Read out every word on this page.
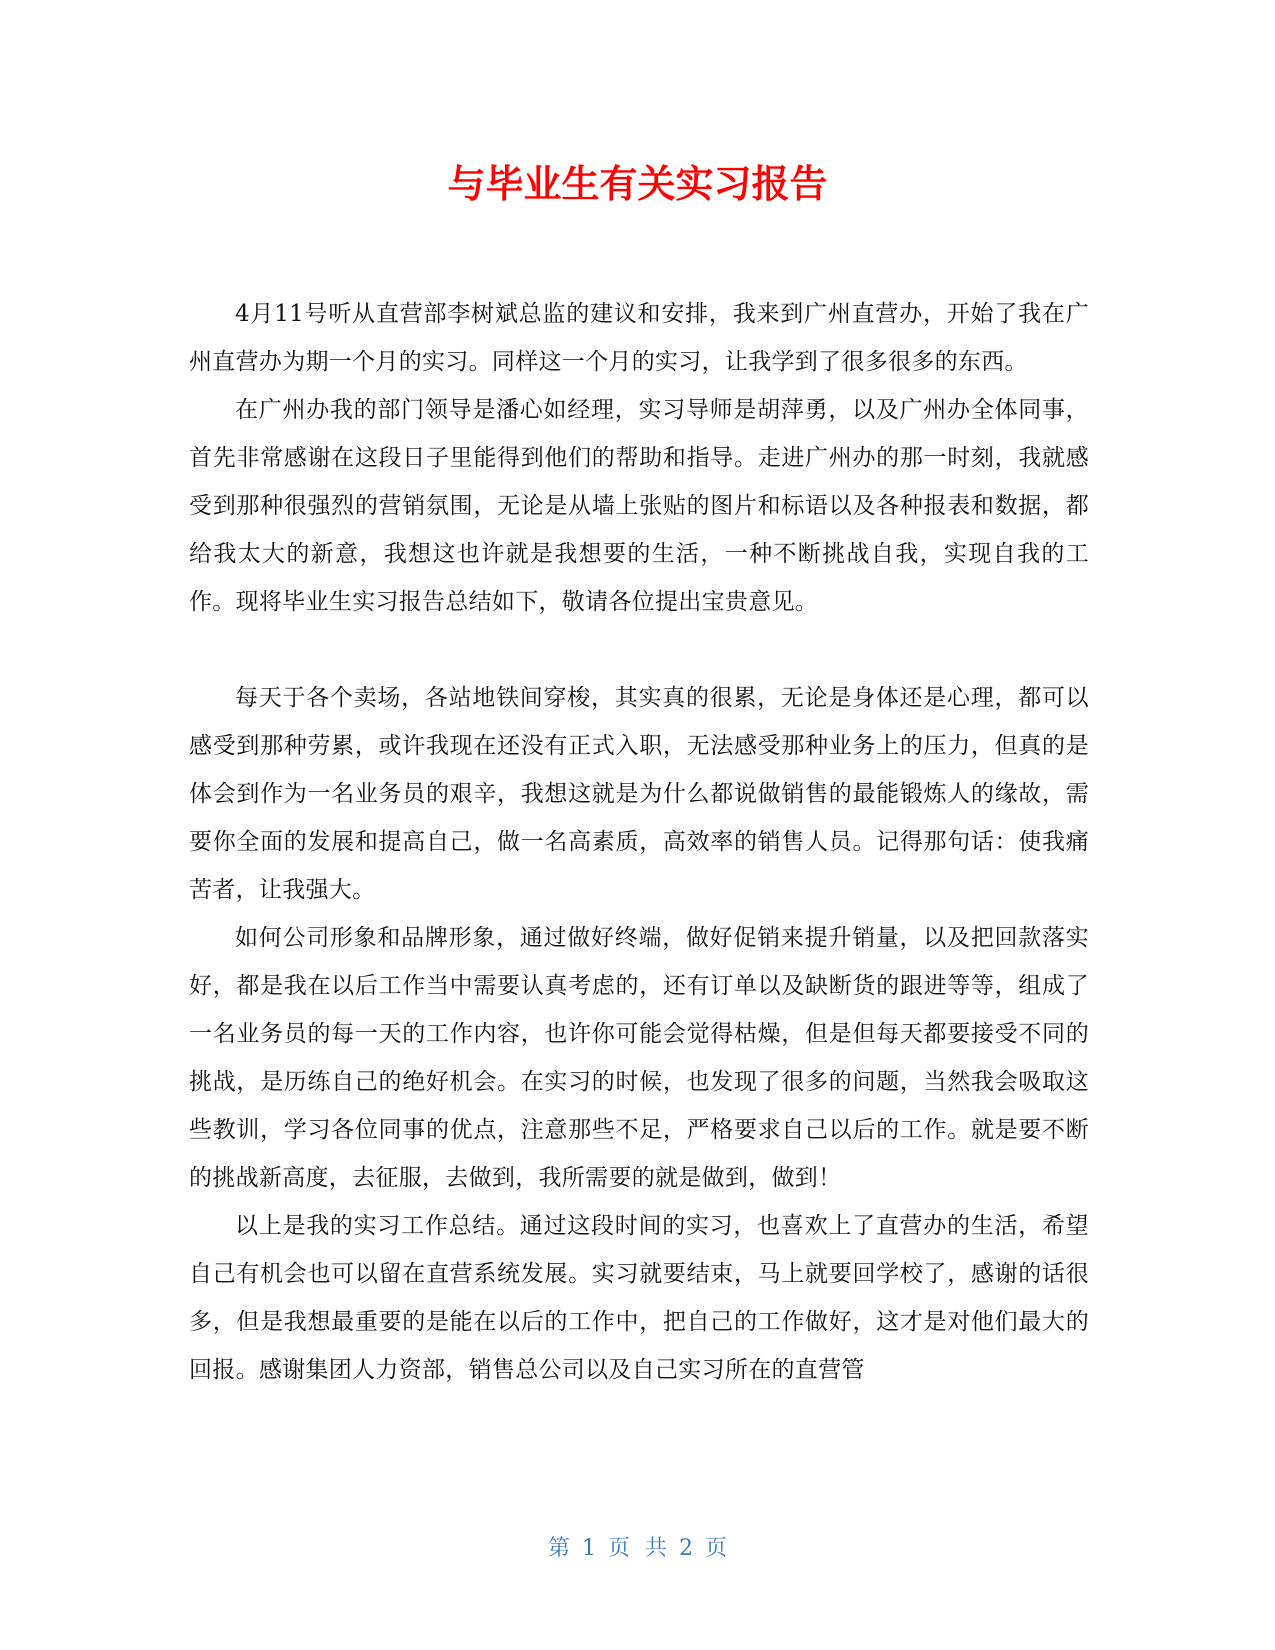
与毕业生有关实习报告

4月11号听从直营部李树斌总监的建议和安排，我来到广州直营办，开始了我在广州直营办为期一个月的实习。同样这一个月的实习，让我学到了很多很多的东西。

在广州办我的部门领导是潘心如经理，实习导师是胡萍勇，以及广州办全体同事，首先非常感谢在这段日子里能得到他们的帮助和指导。走进广州办的那一时刻，我就感受到那种很强烈的营销氛围，无论是从墙上张贴的图片和标语以及各种报表和数据，都给我太大的新意，我想这也许就是我想要的生活，一种不断挑战自我，实现自我的工作。现将毕业生实习报告总结如下，敬请各位提出宝贵意见。

每天于各个卖场，各站地铁间穿梭，其实真的很累，无论是身体还是心理，都可以感受到那种劳累，或许我现在还没有正式入职，无法感受那种业务上的压力，但真的是体会到作为一名业务员的艰辛，我想这就是为什么都说做销售的最能锻炼人的缘故，需要你全面的发展和提高自己，做一名高素质，高效率的销售人员。记得那句话：使我痛苦者，让我强大。

如何公司形象和品牌形象，通过做好终端，做好促销来提升销量，以及把回款落实好，都是我在以后工作当中需要认真考虑的，还有订单以及缺断货的跟进等等，组成了一名业务员的每一天的工作内容，也许你可能会觉得枯燥，但是但每天都要接受不同的挑战，是历练自己的绝好机会。在实习的时候，也发现了很多的问题，当然我会吸取这些教训，学习各位同事的优点，注意那些不足，严格要求自己以后的工作。就是要不断的挑战新高度，去征服，去做到，我所需要的就是做到，做到！

以上是我的实习工作总结。通过这段时间的实习，也喜欢上了直营办的生活，希望自己有机会也可以留在直营系统发展。实习就要结束，马上就要回学校了，感谢的话很多，但是我想最重要的是能在以后的工作中，把自己的工作做好，这才是对他们最大的回报。感谢集团人力资部，销售总公司以及自己实习所在的直营管

第 1 页 共 2 页
